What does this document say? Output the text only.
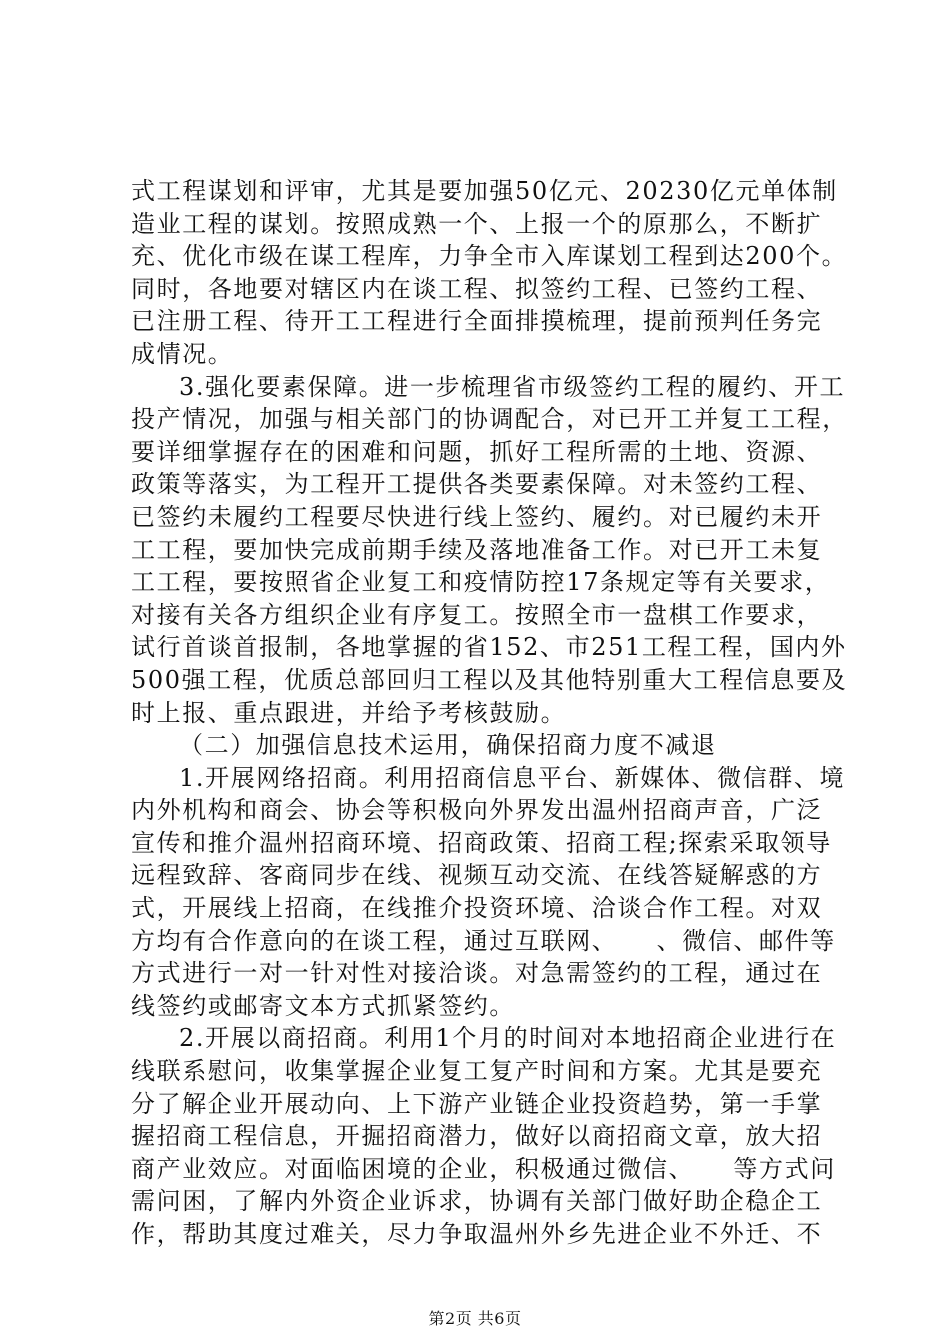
式工程谋划和评审，尤其是要加强50亿元、20230亿元单体制
造业工程的谋划。按照成熟一个、上报一个的原那么，不断扩
充、优化市级在谋工程库，力争全市入库谋划工程到达200个。
同时，各地要对辖区内在谈工程、拟签约工程、已签约工程、
已注册工程、待开工工程进行全面排摸梳理，提前预判任务完
成情况。
3.强化要素保障。进一步梳理省市级签约工程的履约、开工
投产情况，加强与相关部门的协调配合，对已开工并复工工程，
要详细掌握存在的困难和问题，抓好工程所需的土地、资源、
政策等落实，为工程开工提供各类要素保障。对未签约工程、
已签约未履约工程要尽快进行线上签约、履约。对已履约未开
工工程，要加快完成前期手续及落地准备工作。对已开工未复
工工程，要按照省企业复工和疫情防控17条规定等有关要求，
对接有关各方组织企业有序复工。按照全市一盘棋工作要求，
试行首谈首报制，各地掌握的省152、市251工程工程，国内外
500强工程，优质总部回归工程以及其他特别重大工程信息要及
时上报、重点跟进，并给予考核鼓励。
（二）加强信息技术运用，确保招商力度不减退
1.开展网络招商。利用招商信息平台、新媒体、微信群、境
内外机构和商会、协会等积极向外界发出温州招商声音，广泛
宣传和推介温州招商环境、招商政策、招商工程;探索采取领导
远程致辞、客商同步在线、视频互动交流、在线答疑解惑的方
式，开展线上招商，在线推介投资环境、洽谈合作工程。对双
方均有合作意向的在谈工程，通过互联网、　　、微信、邮件等
方式进行一对一针对性对接洽谈。对急需签约的工程，通过在
线签约或邮寄文本方式抓紧签约。
2.开展以商招商。利用1个月的时间对本地招商企业进行在
线联系慰问，收集掌握企业复工复产时间和方案。尤其是要充
分了解企业开展动向、上下游产业链企业投资趋势，第一手掌
握招商工程信息，开掘招商潜力，做好以商招商文章，放大招
商产业效应。对面临困境的企业，积极通过微信、　　等方式问
需问困，了解内外资企业诉求，协调有关部门做好助企稳企工
作，帮助其度过难关，尽力争取温州外乡先进企业不外迁、不
第2页 共6页
